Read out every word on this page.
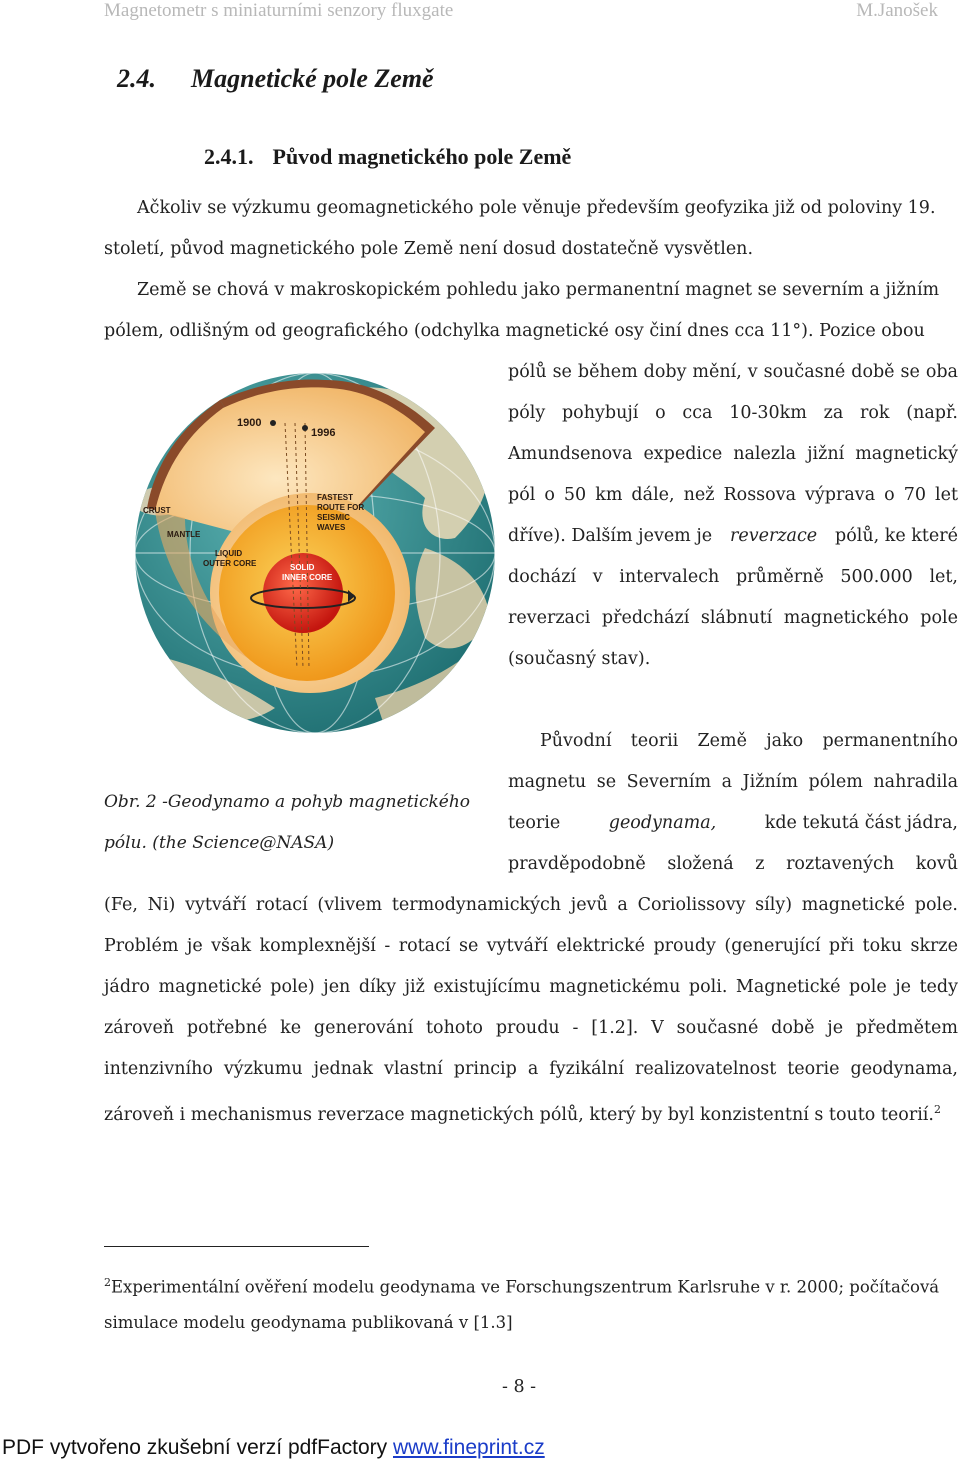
Magnetometr s miniaturními senzory fluxgate	M.Janošek
2.4. Magnetické pole Země
2.4.1. Původ magnetického pole Země
Ačkoliv se výzkumu geomagnetického pole věnuje především geofyzika již od poloviny 19.
století, původ magnetického pole Země není dosud dostatečně vysvětlen.
Země se chová v makroskopickém pohledu jako permanentní magnet se severním a jižním
pólem, odlišným od geografického (odchylka magnetické osy činí dnes cca 11°). Pozice obou
pólů se během doby mění, v současné době se oba
póly pohybují o cca 10-30km za rok (např.
Amundsenova expedice nalezla jižní magnetický
pól o 50 km dále, než Rossova výprava o 70 let
dříve). Dalším jevem je reverzace pólů, ke které
dochází v intervalech průměrně 500.000 let,
reverzaci předchází slábnutí magnetického pole
(současný stav).
1900
1996
CRUST
MANTLE
LIQUID
OUTER CORE	SOLID
INNER CORE
FASTEST
ROUTE FOR
SEISMIC
WAVES
Obr. 2 -Geodynamo a pohyb magnetického
pólu. (the Science@NASA)
Původní teorii Země jako permanentního
magnetu se Severním a Jižním pólem nahradila
teorie	geodynama,	kde tekutá část jádra,
pravděpodobně složená z roztavených kovů
(Fe, Ni) vytváří rotací (vlivem termodynamických jevů a Coriolissovy síly) magnetické pole.
Problém je však komplexnější - rotací se vytváří elektrické proudy (generující při toku skrze
jádro magnetické pole) jen díky již existujícímu magnetickému poli. Magnetické pole je tedy
zároveň potřebné ke generování tohoto proudu - [1.2]. V současné době je předmětem
intenzivního výzkumu jednak vlastní princip a fyzikální realizovatelnost teorie geodynama,
zároveň i mechanismus reverzace magnetických pólů, který by byl konzistentní s touto teorií.$^2$
$^2$Experimentální ověření modelu geodynama ve Forschungszentrum Karlsruhe v r. 2000; počítačová
simulace modelu geodynama publikovaná v [1.3]
- 8 -
PDF vytvořeno zkušební verzí pdfFactory www.fineprint.cz
